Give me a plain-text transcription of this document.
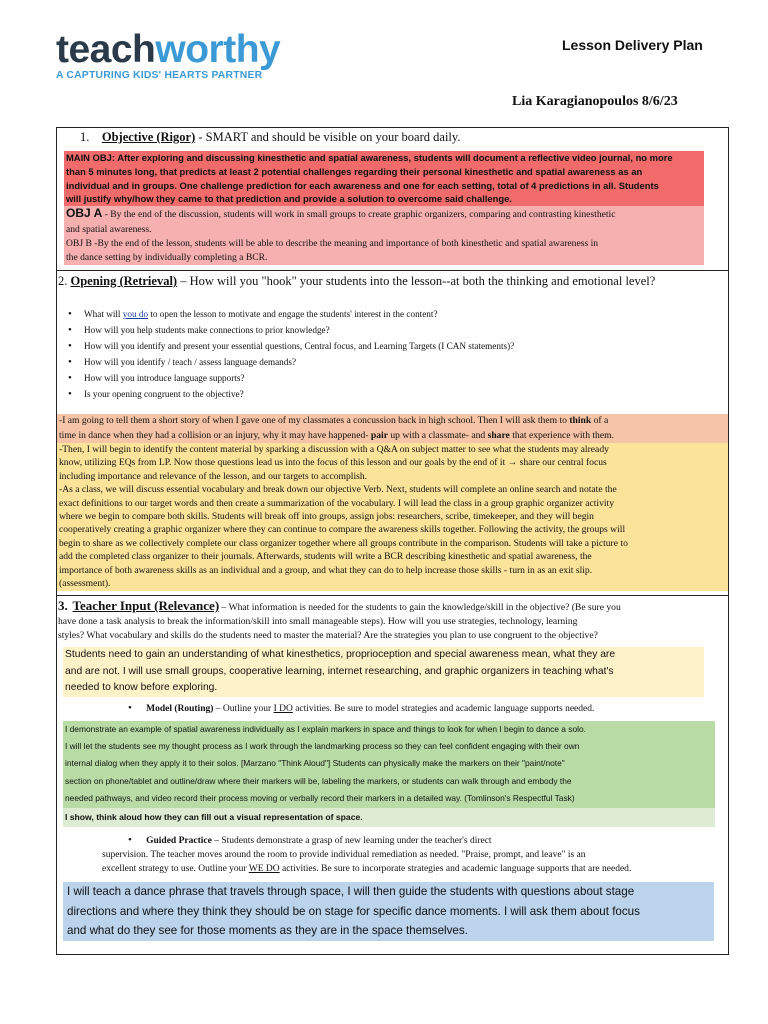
teachworthy
A CAPTURING KIDS' HEARTS PARTNER
Lesson Delivery Plan
Lia Karagianopoulos 8/6/23
1. Objective (Rigor) - SMART and should be visible on your board daily.
MAIN OBJ: After exploring and discussing kinesthetic and spatial awareness, students will document a reflective video journal, no more
than 5 minutes long, that predicts at least 2 potential challenges regarding their personal kinesthetic and spatial awareness as an
individual and in groups. One challenge prediction for each awareness and one for each setting, total of 4 predictions in all. Students
will justify why/how they came to that prediction and provide a solution to overcome said challenge.
OBJ A - By the end of the discussion, students will work in small groups to create graphic organizers, comparing and contrasting kinesthetic
and spatial awareness.
OBJ B -By the end of the lesson, students will be able to describe the meaning and importance of both kinesthetic and spatial awareness in
the dance setting by individually completing a BCR.
2. Opening (Retrieval) – How will you "hook" your students into the lesson--at both the thinking and emotional level?
• What will you do to open the lesson to motivate and engage the students' interest in the content?
• How will you help students make connections to prior knowledge?
• How will you identify and present your essential questions, Central focus, and Learning Targets (I CAN statements)?
• How will you identify / teach / assess language demands?
• How will you introduce language supports?
• Is your opening congruent to the objective?
-I am going to tell them a short story of when I gave one of my classmates a concussion back in high school. Then I will ask them to think of a
time in dance when they had a collision or an injury, why it may have happened- pair up with a classmate- and share that experience with them.
-Then, I will begin to identify the content material by sparking a discussion with a Q&A on subject matter to see what the students may already
know, utilizing EQs from LP. Now those questions lead us into the focus of this lesson and our goals by the end of it → share our central focus
including importance and relevance of the lesson, and our targets to accomplish.
-As a class, we will discuss essential vocabulary and break down our objective Verb. Next, students will complete an online search and notate the
exact definitions to our target words and then create a summarization of the vocabulary. I will lead the class in a group graphic organizer activity
where we begin to compare both skills. Students will break off into groups, assign jobs: researchers, scribe, timekeeper, and they will begin
cooperatively creating a graphic organizer where they can continue to compare the awareness skills together. Following the activity, the groups will
begin to share as we collectively complete our class organizer together where all groups contribute in the comparison. Students will take a picture to
add the completed class organizer to their journals. Afterwards, students will write a BCR describing kinesthetic and spatial awareness, the
importance of both awareness skills as an individual and a group, and what they can do to help increase those skills - turn in as an exit slip.
(assessment).
3. Teacher Input (Relevance) – What information is needed for the students to gain the knowledge/skill in the objective? (Be sure you
have done a task analysis to break the information/skill into small manageable steps). How will you use strategies, technology, learning
styles? What vocabulary and skills do the students need to master the material? Are the strategies you plan to use congruent to the objective?
Students need to gain an understanding of what kinesthetics, proprioception and special awareness mean, what they are
and are not. I will use small groups, cooperative learning, internet researching, and graphic organizers in teaching what's
needed to know before exploring.
• Model (Routing) – Outline your I DO activities. Be sure to model strategies and academic language supports needed.
I demonstrate an example of spatial awareness individually as I explain markers in space and things to look for when I begin to dance a solo.
I will let the students see my thought process as I work through the landmarking process so they can feel confident engaging with their own
internal dialog when they apply it to their solos. [Marzano "Think Aloud"] Students can physically make the markers on their "paint/note"
section on phone/tablet and outline/draw where their markers will be, labeling the markers, or students can walk through and embody the
needed pathways, and video record their process moving or verbally record their markers in a detailed way. (Tomlinson's Respectful Task)
I show, think aloud how they can fill out a visual representation of space.
• Guided Practice – Students demonstrate a grasp of new learning under the teacher's direct
supervision. The teacher moves around the room to provide individual remediation as needed. "Praise, prompt, and leave" is an
excellent strategy to use. Outline your WE DO activities. Be sure to incorporate strategies and academic language supports that are needed.
I will teach a dance phrase that travels through space, I will then guide the students with questions about stage
directions and where they think they should be on stage for specific dance moments. I will ask them about focus
and what do they see for those moments as they are in the space themselves.
